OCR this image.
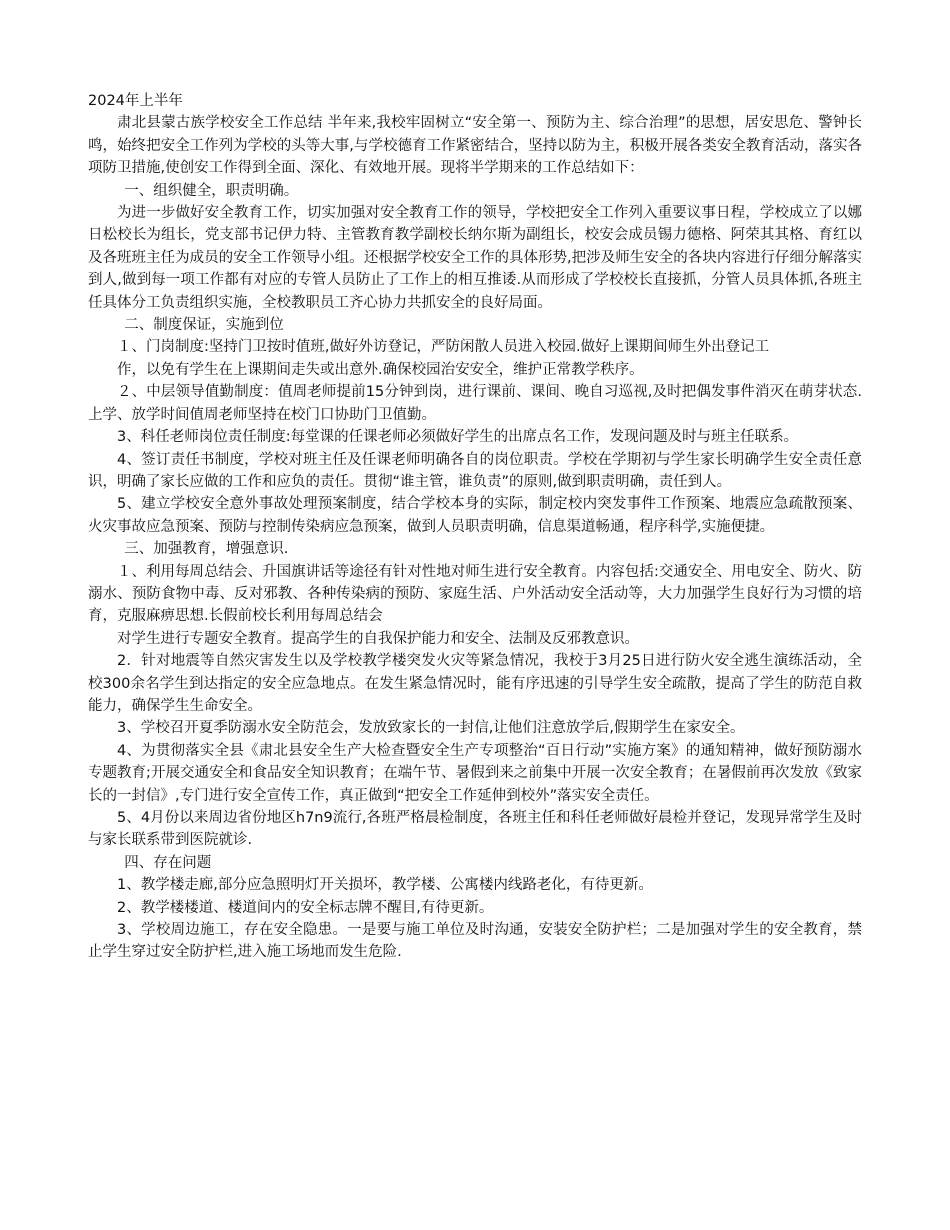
2024年上半年

肃北县蒙古族学校安全工作总结 半年来,我校牢固树立“安全第一、预防为主、综合治理”的思想，居安思危、警钟长鸣，始终把安全工作列为学校的头等大事,与学校德育工作紧密结合，坚持以防为主，积极开展各类安全教育活动，落实各项防卫措施,使创安工作得到全面、深化、有效地开展。现将半学期来的工作总结如下：

一、组织健全，职责明确。

为进一步做好安全教育工作，切实加强对安全教育工作的领导，学校把安全工作列入重要议事日程，学校成立了以娜日松校长为组长，党支部书记伊力特、主管教育教学副校长纳尔斯为副组长，校安会成员锡力德格、阿荣其其格、育红以及各班班主任为成员的安全工作领导小组。还根据学校安全工作的具体形势,把涉及师生安全的各块内容进行仔细分解落实到人,做到每一项工作都有对应的专管人员防止了工作上的相互推诿.从而形成了学校校长直接抓，分管人员具体抓,各班主任具体分工负责组织实施，全校教职员工齐心协力共抓安全的良好局面。

二、制度保证，实施到位

１、门岗制度:坚持门卫按时值班,做好外访登记，严防闲散人员进入校园.做好上课期间师生外出登记工

作，以免有学生在上课期间走失或出意外.确保校园治安安全，维护正常教学秩序。

２、中层领导值勤制度：值周老师提前15分钟到岗，进行课前、课间、晚自习巡视,及时把偶发事件消灭在萌芽状态.上学、放学时间值周老师坚持在校门口协助门卫值勤。

3、科任老师岗位责任制度:每堂课的任课老师必须做好学生的出席点名工作，发现问题及时与班主任联系。

4、签订责任书制度，学校对班主任及任课老师明确各自的岗位职责。学校在学期初与学生家长明确学生安全责任意识，明确了家长应做的工作和应负的责任。贯彻“谁主管，谁负责”的原则,做到职责明确，责任到人。

5、建立学校安全意外事故处理预案制度，结合学校本身的实际，制定校内突发事件工作预案、地震应急疏散预案、火灾事故应急预案、预防与控制传染病应急预案，做到人员职责明确，信息渠道畅通，程序科学,实施便捷。

三、加强教育，增强意识.

１、利用每周总结会、升国旗讲话等途径有针对性地对师生进行安全教育。内容包括:交通安全、用电安全、防火、防溺水、预防食物中毒、反对邪教、各种传染病的预防、家庭生活、户外活动安全活动等，大力加强学生良好行为习惯的培育，克服麻痹思想.长假前校长利用每周总结会

对学生进行专题安全教育。提高学生的自我保护能力和安全、法制及反邪教意识。

2．针对地震等自然灾害发生以及学校教学楼突发火灾等紧急情况，我校于3月25日进行防火安全逃生演练活动，全校300余名学生到达指定的安全应急地点。在发生紧急情况时，能有序迅速的引导学生安全疏散，提高了学生的防范自救能力，确保学生生命安全。

3、学校召开夏季防溺水安全防范会，发放致家长的一封信,让他们注意放学后,假期学生在家安全。

4、为贯彻落实全县《肃北县安全生产大检查暨安全生产专项整治“百日行动”实施方案》的通知精神，做好预防溺水专题教育;开展交通安全和食品安全知识教育；在端午节、暑假到来之前集中开展一次安全教育；在暑假前再次发放《致家长的一封信》,专门进行安全宣传工作，真正做到“把安全工作延伸到校外”落实安全责任。

5、4月份以来周边省份地区h7n9流行,各班严格晨检制度，各班主任和科任老师做好晨检并登记，发现异常学生及时与家长联系带到医院就诊.

四、存在问题

1、教学楼走廊,部分应急照明灯开关损坏，教学楼、公寓楼内线路老化，有待更新。

2、教学楼楼道、楼道间内的安全标志牌不醒目,有待更新。

3、学校周边施工，存在安全隐患。一是要与施工单位及时沟通，安装安全防护栏；二是加强对学生的安全教育，禁止学生穿过安全防护栏,进入施工场地而发生危险.
